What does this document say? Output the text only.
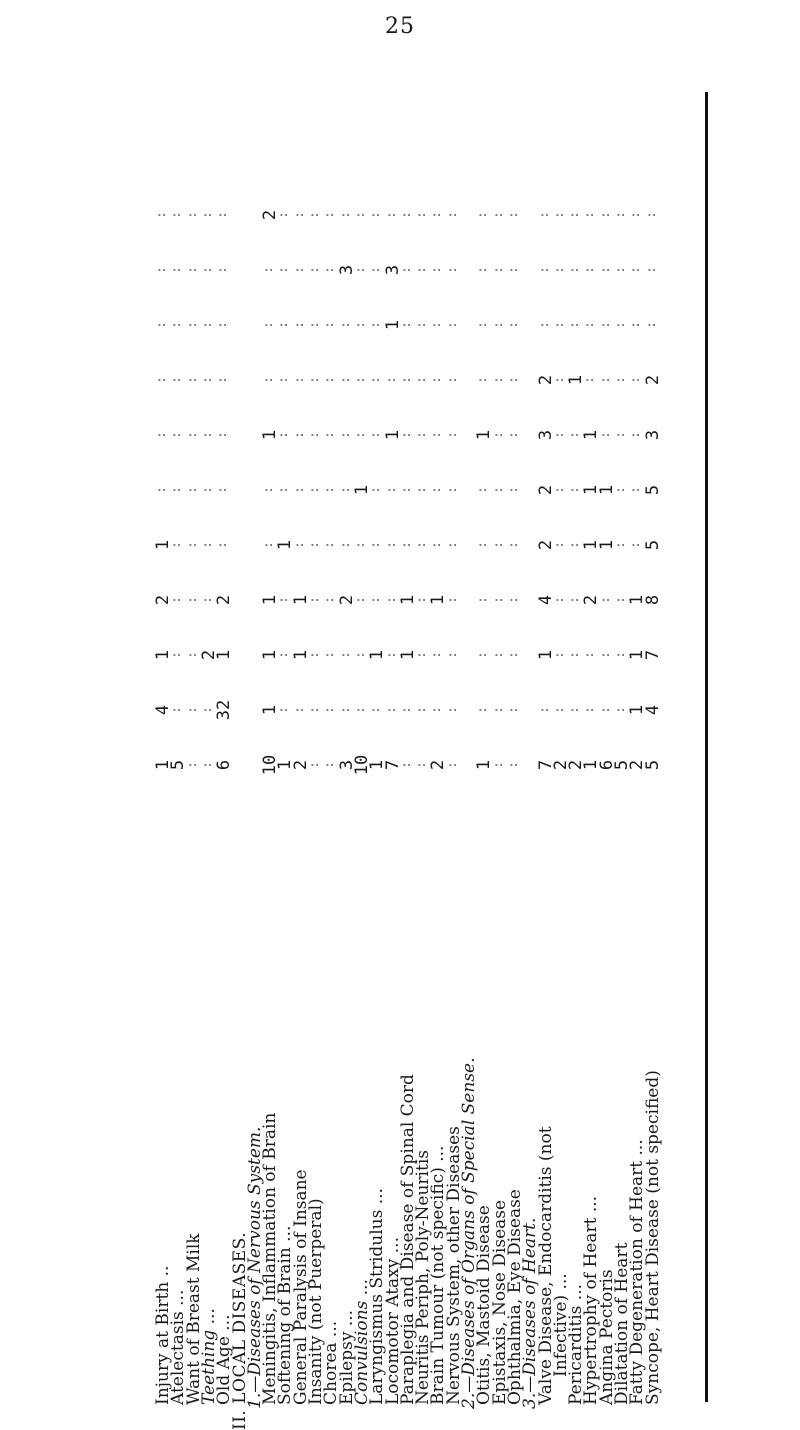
25
Injury at Birth ..
1
4
1
2
1
:
:
:
:
:
:
Atelectasis ...
5
:
:
:
:
:
:
:
:
:
:
Want of Breast Milk
:
:
:
:
:
:
:
:
:
:
:
Teething ...
:
:
2
:
:
:
:
:
:
:
:
Old Age ...
6
32
1
2
:
:
:
:
:
:
:
II. LOCAL DISEASES.
1.—Diseases of Nervous System.
Meningitis, Inflammation of Brain
10
1
1
1
:
:
1
:
:
:
2
Softening of Brain ...
1
:
:
:
1
:
:
:
:
:
:
General Paralysis of Insane
2
:
1
1
:
:
:
:
:
:
:
Insanity (not Puerperal)
:
:
:
:
:
:
:
:
:
:
:
Chorea ...
:
:
:
:
:
:
:
:
:
:
:
Epilepsy ...
3
:
:
2
:
:
:
:
:
3
:
Convulsions ...
10
:
:
:
:
1
:
:
:
:
:
Laryngismus Stridulus ...
1
:
1
:
:
:
:
:
:
:
:
Locomotor Ataxy ...
7
:
:
:
:
:
1
:
1
3
:
Paraplegia and Disease of Spinal Cord
:
:
1
1
:
:
:
:
:
:
:
Neuritis Periph, Poly-Neuritis
:
:
:
:
:
:
:
:
:
:
:
Brain Tumour (not specific) ...
2
:
:
1
:
:
:
:
:
:
:
Nervous System, other Diseases
:
:
:
:
:
:
:
:
:
:
:
2.—Diseases of Organs of Special Sense.
Otitis, Mastoid Disease
1
:
:
:
:
:
1
:
:
:
:
Epistaxis, Nose Disease
:
:
:
:
:
:
:
:
:
:
:
Ophthalmia, Eye Disease
:
:
:
:
:
:
:
:
:
:
:
3.—Diseases of Heart.
Valve Disease, Endocarditis (not
7
:
1
4
2
2
3
2
:
:
:
Infective) ...
2
:
:
:
:
:
:
:
:
:
:
Pericarditis ...
2
:
:
:
:
:
:
1
:
:
:
Hypertrophy of Heart ...
1
:
:
2
1
1
1
:
:
:
:
Angina Pectoris
6
:
:
:
1
1
:
:
:
:
:
Dilatation of Heart
5
:
:
:
:
:
:
:
:
:
:
Fatty Degeneration of Heart ...
2
1
1
1
:
:
:
:
:
:
:
Syncope, Heart Disease (not specified)
5
4
7
8
5
5
3
2
:
:
:
